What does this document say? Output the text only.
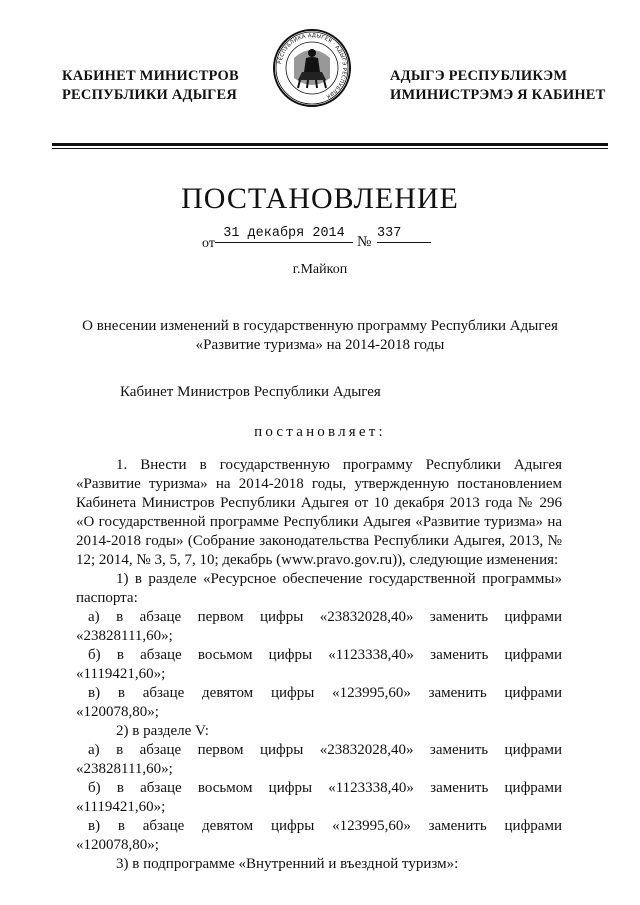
КАБИНЕТ МИНИСТРОВ
РЕСПУБЛИКИ АДЫГЕЯ
РЕСПУБЛИКА АДЫГЕЯ · АДЫГЭ РЕСПУБЛИК ·
АДЫГЭ РЕСПУБЛИКЭМ
ИМИНИСТРЭМЭ Я КАБИНЕТ
ПОСТАНОВЛЕНИЕ
от
31 декабря 2014
№
337
г.Майкоп
О внесении изменений в государственную программу Республики Адыгея
«Развитие туризма» на 2014-2018 годы
Кабинет Министров Республики Адыгея
постановляет:

1. Внести в государственную программу Республики Адыгея «Развитие туризма» на 2014-2018 годы, утвержденную постановлением Кабинета Министров Республики Адыгея от 10 декабря 2013 года № 296 «О государственной программе Республики Адыгея «Развитие туризма» на 2014-2018 годы» (Собрание законодательства Республики Адыгея, 2013, № 12; 2014, № 3, 5, 7, 10; декабрь (www.pravo.gov.ru)), следующие изменения:

1) в разделе «Ресурсное обеспечение государственной программы» паспорта:

а) в абзаце первом цифры «23832028,40» заменить цифрами

«23828111,60»;

б) в абзаце восьмом цифры «1123338,40» заменить цифрами

«1119421,60»;

в) в абзаце девятом цифры «123995,60» заменить цифрами

«120078,80»;

2) в разделе V:

а) в абзаце первом цифры «23832028,40» заменить цифрами

«23828111,60»;

б) в абзаце восьмом цифры «1123338,40» заменить цифрами

«1119421,60»;

в) в абзаце девятом цифры «123995,60» заменить цифрами

«120078,80»;

3) в подпрограмме «Внутренний и въездной туризм»:
